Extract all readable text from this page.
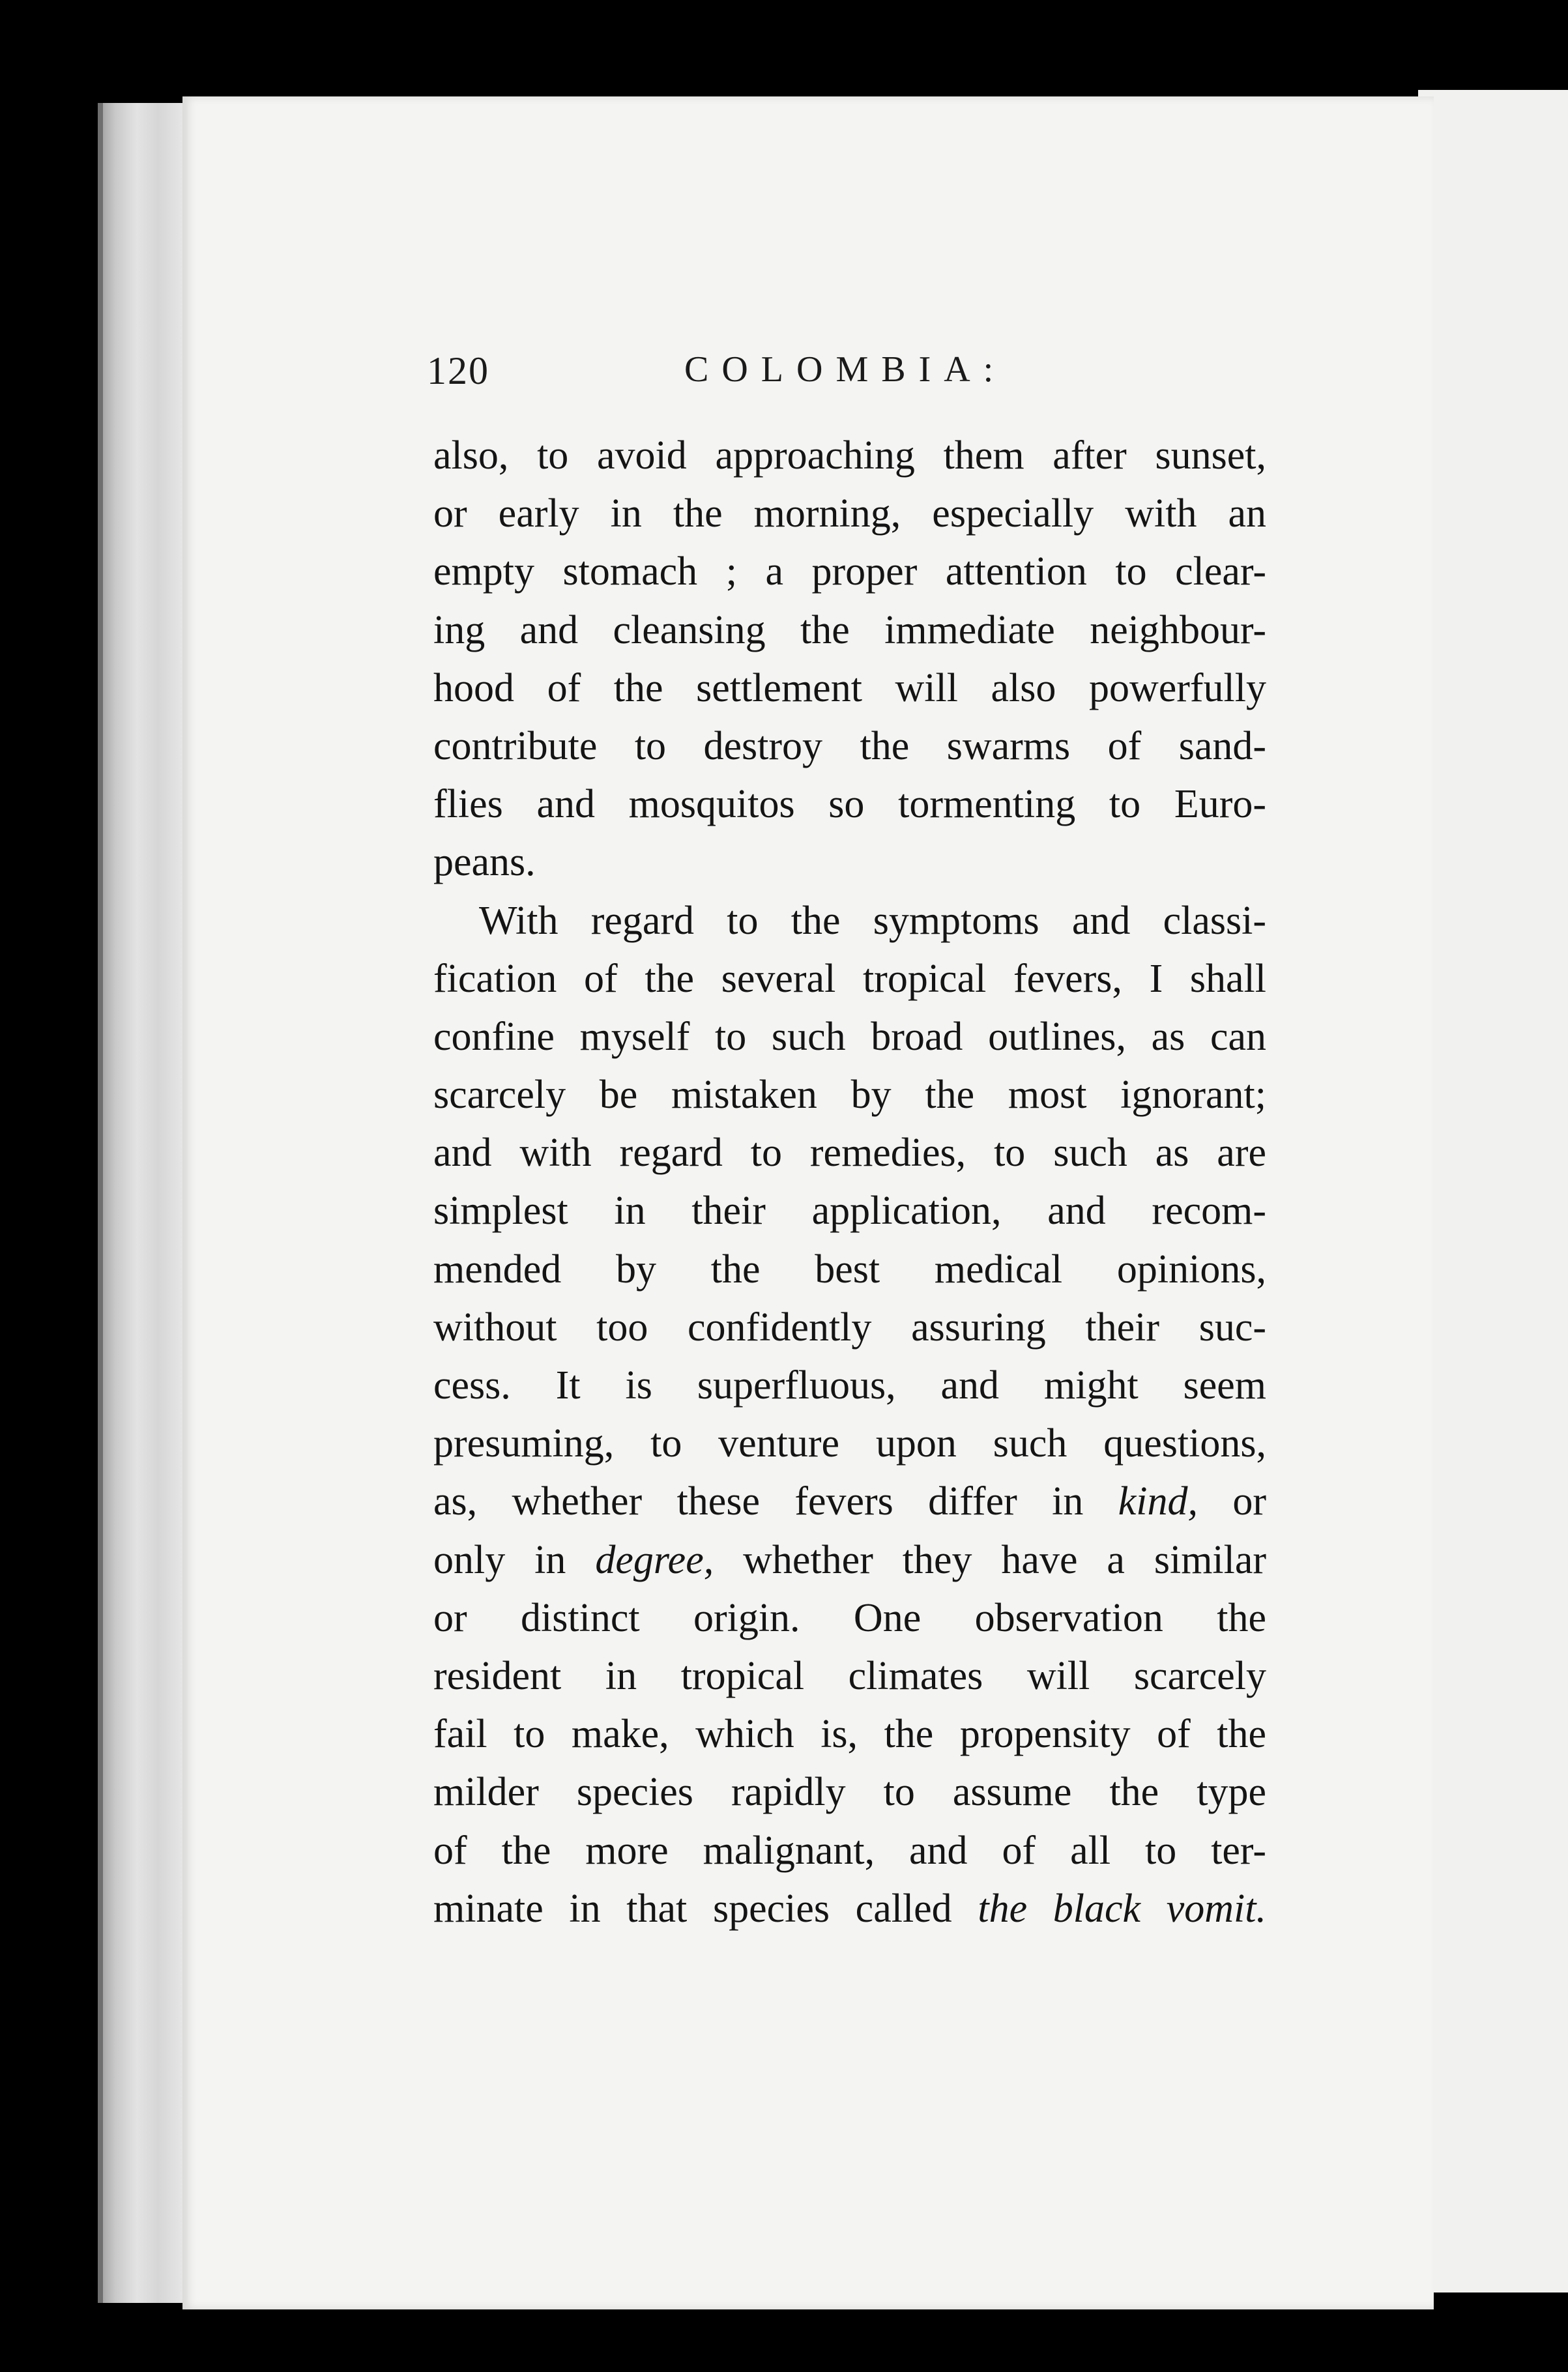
120	COLOMBIA:
also, to avoid approaching them after sunset,
or early in the morning, especially with an
empty stomach ; a proper attention to clear-
ing and cleansing the immediate neighbour-
hood of the settlement will also powerfully
contribute to destroy the swarms of sand-
flies and mosquitos so tormenting to Euro-
peans.
With regard to the symptoms and classi-
fication of the several tropical fevers, I shall
confine myself to such broad outlines, as can
scarcely be mistaken by the most ignorant;
and with regard to remedies, to such as are
simplest in their application, and recom-
mended by the best medical opinions,
without too confidently assuring their suc-
cess. It is superfluous, and might seem
presuming, to venture upon such questions,
as, whether these fevers differ in kind, or
only in degree, whether they have a similar
or distinct origin. One observation the
resident in tropical climates will scarcely
fail to make, which is, the propensity of the
milder species rapidly to assume the type
of the more malignant, and of all to ter-
minate in that species called the black vomit.
